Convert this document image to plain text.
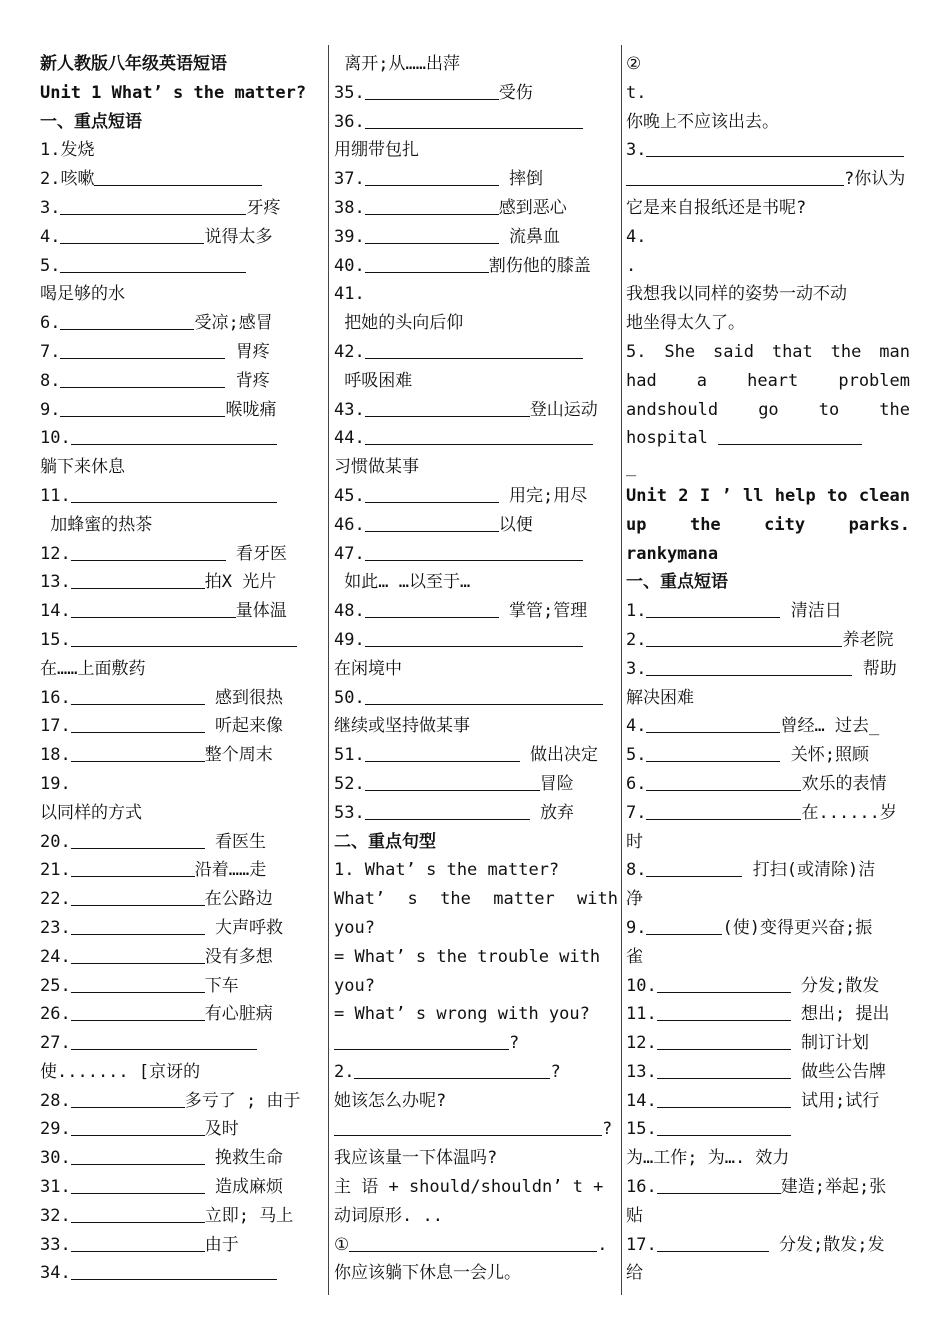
新人教版八年级英语短语
Unit 1 What’ s the matter?
一、重点短语
1.发烧
2.咳嗽
3.	牙疼
4.	说得太多
5.
喝足够的水
6.	受凉;感冒
7.	胃疼
8.	背疼
9.	喉咙痛
10.
躺下来休息
11.
加蜂蜜的热茶
12.	看牙医
13.	拍X 光片
14.	量体温
15.
在……上面敷药
16.	感到很热
17.	听起来像
18.	整个周末
19.
以同样的方式
20.	看医生
21.	沿着……走
22.	在公路边
23.	大声呼救
24.	没有多想
25.	下车
26.	有心脏病
27.
使....... [京讶的
28.	多亏了 ; 由于
29.	及时
30.	挽救生命
31.	造成麻烦
32.	立即; 马上
33.	由于
34.
离开;从……出萍
35.	受伤
36.
用绷带包扎
37.	摔倒
38.	感到恶心
39.	流鼻血
40.	割伤他的膝盖
41.
把她的头向后仰
42.
呼吸困难
43.	登山运动
44.
习惯做某事
45.	用完;用尽
46.	以便
47.
如此… …以至于…
48.	掌管;管理
49.
在闲境中
50.
继续或坚持做某事
51.	做出决定
52.	冒险
53.	放弃
二、重点句型
1. What’ s the matter?
What’ s the matter with
you?
= What’ s the trouble with
you?
= What’ s wrong with you?
?
2.	?
她该怎么办呢?
?
我应该量一下体温吗?
主 语 + should/shouldn’ t +
动词原形. ..
①	.
你应该躺下休息一会儿。
②
t.
你晚上不应该出去。
3.
?你认为
它是来自报纸还是书呢?
4.
.
我想我以同样的姿势一动不动
地坐得太久了。
5. She said that the man
had a heart problem
andshould go to the
hospital
_
Unit 2 I ’ ll help to clean
up the city parks.
rankymana
一、重点短语
1.	清洁日
2.	养老院
3.	帮助
解决困难
4.	曾经… 过去_
5.	关怀;照顾
6.	欢乐的表情
7.	在......岁
时
8.	打扫(或清除)洁
净
9.	(使)变得更兴奋;振
雀
10.	分发;散发
11.	想出; 提出
12.	制订计划
13.	做些公告牌
14.	试用;试行
15.
为…工作; 为…. 效力
16.	建造;举起;张
贴
17.	分发;散发;发
给
